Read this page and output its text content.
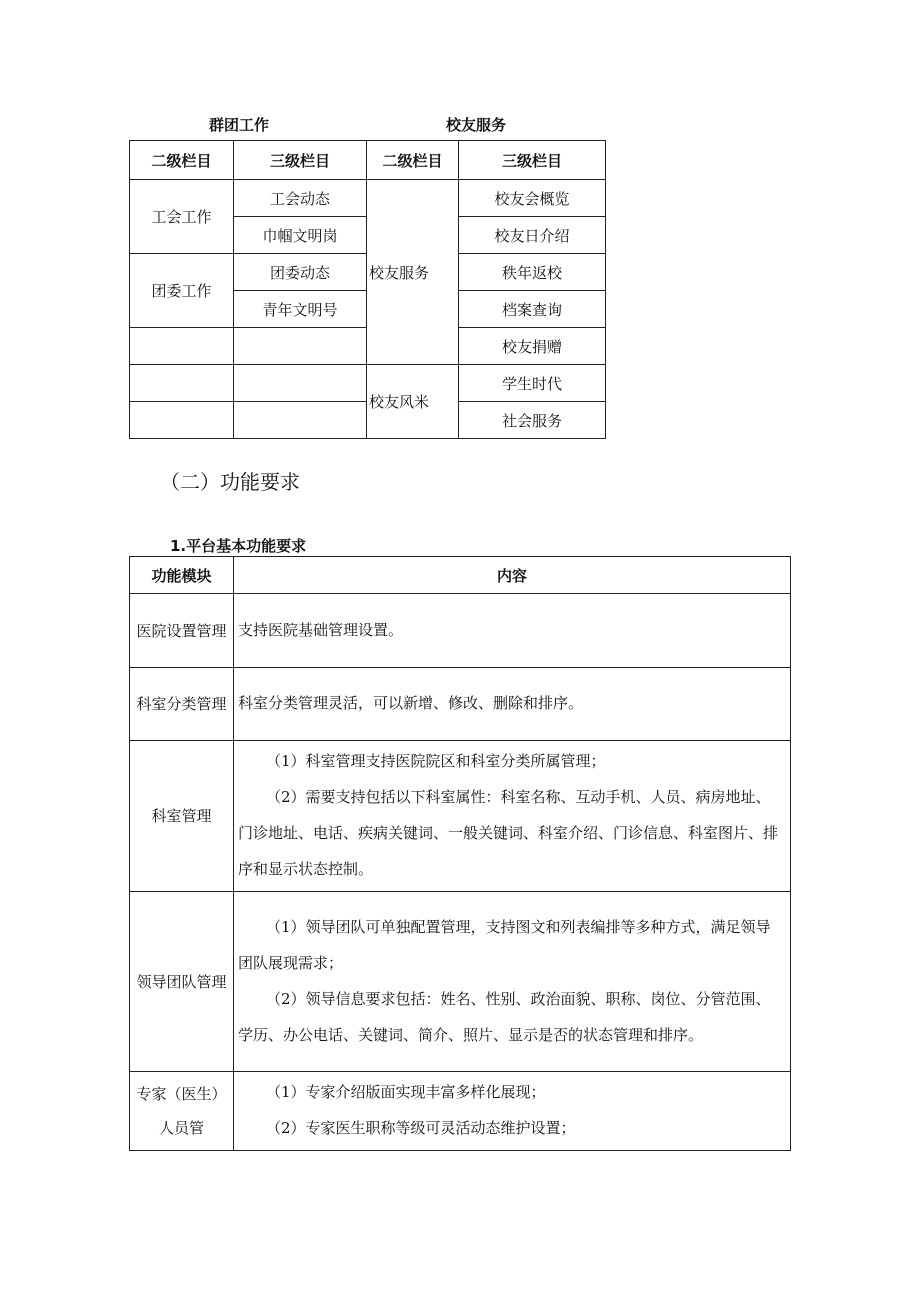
群团工作	校友服务
二级栏目	三级栏目	二级栏目	三级栏目
工会工作	工会动态	校友服务	校友会概览
	巾帼文明岗		校友日介绍
团委工作	团委动态		秩年返校
	青年文明号		档案查询
			校友捐赠
		校友风米	学生时代
			社会服务
（二）功能要求
1.平台基本功能要求
功能模块	内容
医院设置管理	支持医院基础管理设置。

科室分类管理	科室分类管理灵活，可以新增、修改、删除和排序。

科室管理	（1）科室管理支持医院院区和科室分类所属管理；

（2）需要支持包括以下科室属性：科室名称、互动手机、人员、病房地址、门诊地址、电话、疾病关键词、一般关键词、科室介绍、门诊信息、科室图片、排序和显示状态控制。

领导团队管理	（1）领导团队可单独配置管理，支持图文和列表编排等多种方式，满足领导团队展现需求；

（2）领导信息要求包括：姓名、性别、政治面貌、职称、岗位、分管范围、学历、办公电话、关键词、简介、照片、显示是否的状态管理和排序。

专家（医生）人员管	（1）专家介绍版面实现丰富多样化展现；

（2）专家医生职称等级可灵活动态维护设置；
